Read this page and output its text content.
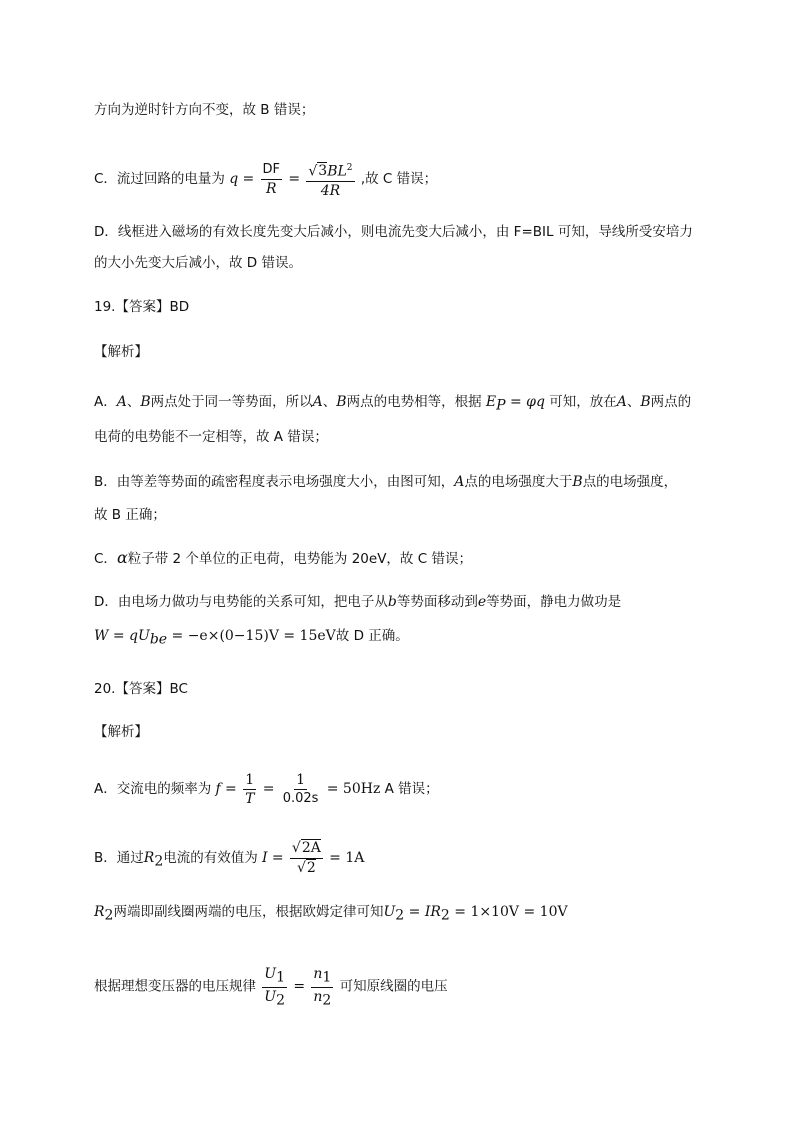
方向为逆时针方向不变，故 B 错误；
C．流过回路的电量为 $q = \frac{DF}{R} = \frac{√3BL^2}{4R}$ ,故 C 错误；
D．线框进入磁场的有效长度先变大后减小，则电流先变大后减小，由 F=BIL 可知，导线所受安培力
的大小先变大后减小，故 D 错误。
19.【答案】BD
【解析】
A．A、B两点处于同一等势面，所以A、B两点的电势相等，根据 $E_P = \varphi q$ 可知，放在A、B两点的
电荷的电势能不一定相等，故 A 错误；
B．由等差等势面的疏密程度表示电场强度大小，由图可知，A点的电场强度大于B点的电场强度，
故 B 正确；
C．α粒子带 2 个单位的正电荷，电势能为 20eV，故 C 错误；
D．由电场力做功与电势能的关系可知，把电子从b等势面移动到e等势面，静电力做功是
$W = qU_{be} = -e\times(0-15)V = 15eV$故 D 正确。
20.【答案】BC
【解析】
A．交流电的频率为 $f = \frac{1}{T} = \frac{1}{0.02s} = 50Hz$ A 错误；
B．通过$R_2$电流的有效值为 $I = \frac{√2A}{√2} = 1A$
$R_2$两端即副线圈两端的电压，根据欧姆定律可知$U_2 = IR_2 = 1\times 10V = 10V$
根据理想变压器的电压规律 $\frac{U_1}{U_2} = \frac{n_1}{n_2}$ 可知原线圈的电压
